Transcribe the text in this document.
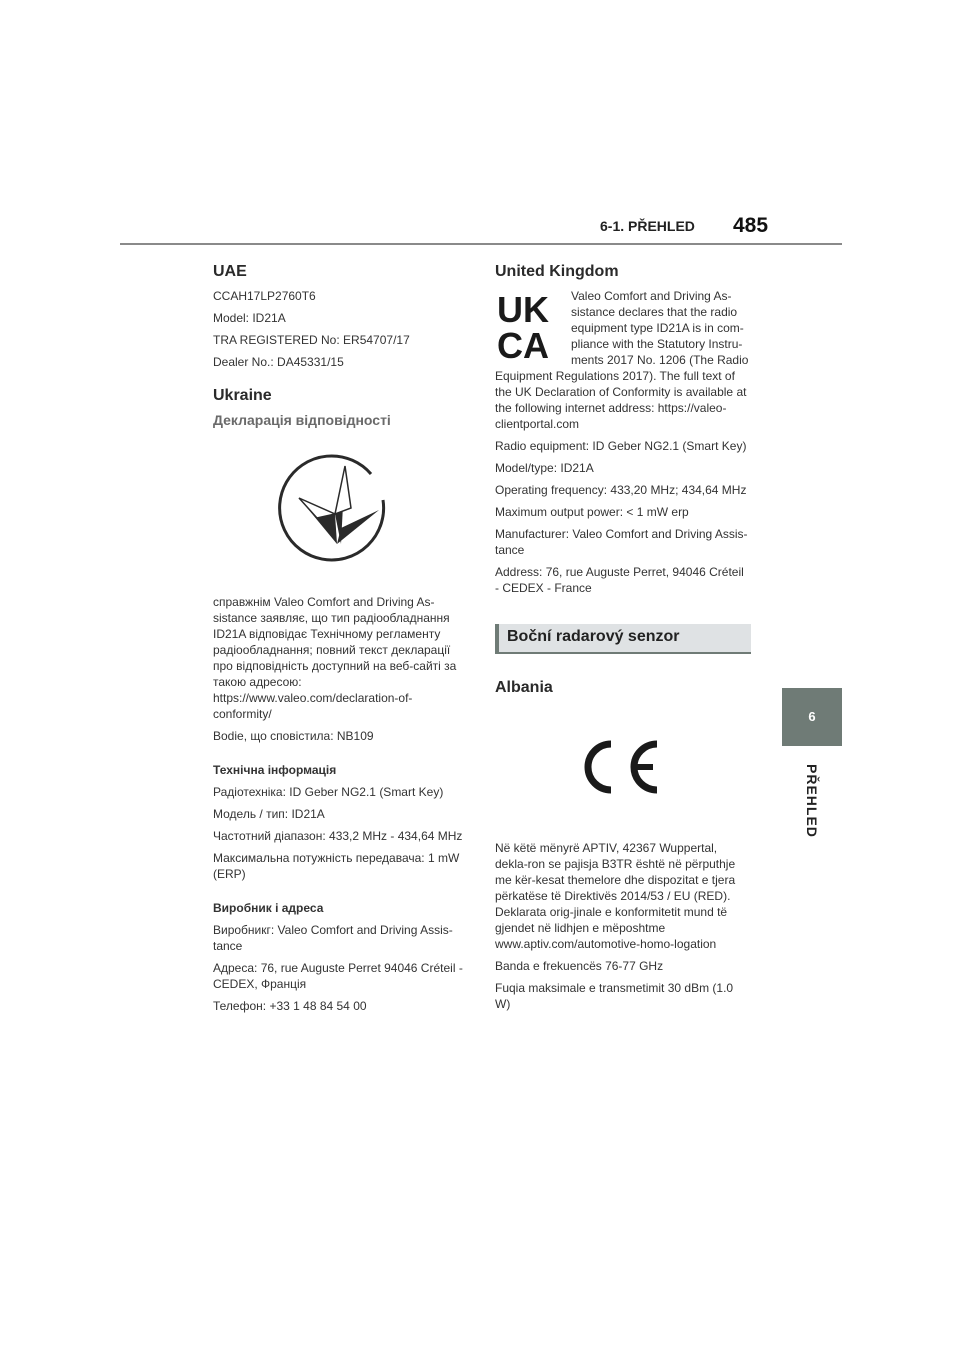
6-1. PŘEHLED 485
6
PŘEHLED
UAE

CCAH17LP2760T6

Model: ID21A

TRA REGISTERED No: ER54707/17

Dealer No.: DA45331/15

Ukraine
Декларація відповідності

справжнім Valeo Comfort and Driving As-sistance заявляє, що тип радіообладнання ID21A відповідає Технічному регламенту радіообладнання; повний текст декларації про відповідність доступний на веб-сайті за такою адресою: https://www.valeo.com/declaration-of-conformity/

Bodie, що сповістила: NB109

Технічна інформація

Радіотехніка: ID Geber NG2.1 (Smart Key)

Модель / тип: ID21A

Частотний діапазон: 433,2 MHz - 434,64 MHz

Максимальна потужність передавача: 1 mW (ERP)

Виробник і адреса

Виробникг: Valeo Comfort and Driving Assis-tance

Адреса: 76, rue Auguste Perret 94046 Créteil - CEDEX, Франція

Телефон: +33 1 48 84 54 00

United Kingdom
UK
CA

Valeo Comfort and Driving As-sistance declares that the radio equipment type ID21A is in com-pliance with the Statutory Instru-ments 2017 No. 1206 (The Radio Equipment Regulations 2017). The full text of the UK Declaration of Conformity is available at the following internet address: https://valeo-clientportal.com

Radio equipment: ID Geber NG2.1 (Smart Key)

Model/type: ID21A

Operating frequency: 433,20 MHz; 434,64 MHz

Maximum output power: < 1 mW erp

Manufacturer: Valeo Comfort and Driving Assis-tance

Address: 76, rue Auguste Perret, 94046 Créteil - CEDEX - France

Boční radarový senzor
Albania

Në këtë mënyrë APTIV, 42367 Wuppertal, dekla-ron se pajisja B3TR është në përputhje me kër-kesat themelore dhe dispozitat e tjera përkatëse të Direktivës 2014/53 / EU (RED). Deklarata orig-jinale e konformitetit mund të gjendet në lidhjen e mëposhtme www.aptiv.com/automotive-homo-logation

Banda e frekuencës 76-77 GHz

Fuqia maksimale e transmetimit 30 dBm (1.0 W)
